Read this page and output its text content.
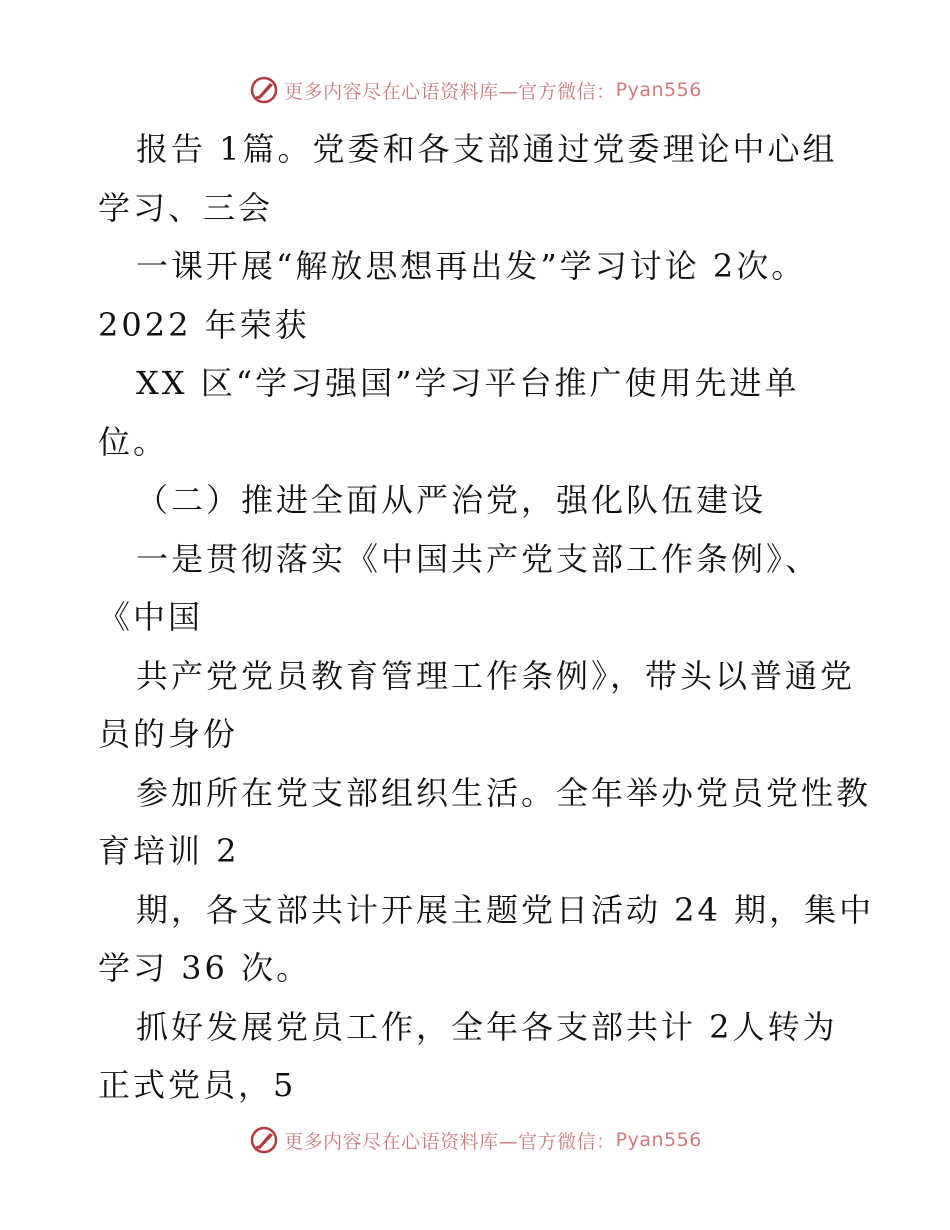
更多内容尽在心语资料库—官方微信： Pyan556
报告 1篇。党委和各支部通过党委理论中心组
学习、三会
一课开展“解放思想再出发”学习讨论 2次。
2022 年荣获
XX 区“学习强国”学习平台推广使用先进单
位。
（二）推进全面从严治党，强化队伍建设
一是贯彻落实《中国共产党支部工作条例》、
《中国
共产党党员教育管理工作条例》，带头以普通党
员的身份
参加所在党支部组织生活。全年举办党员党性教
育培训 2
期，各支部共计开展主题党日活动 24 期，集中
学习 36 次。
抓好发展党员工作，全年各支部共计 2人转为
正式党员，5
更多内容尽在心语资料库—官方微信： Pyan556
